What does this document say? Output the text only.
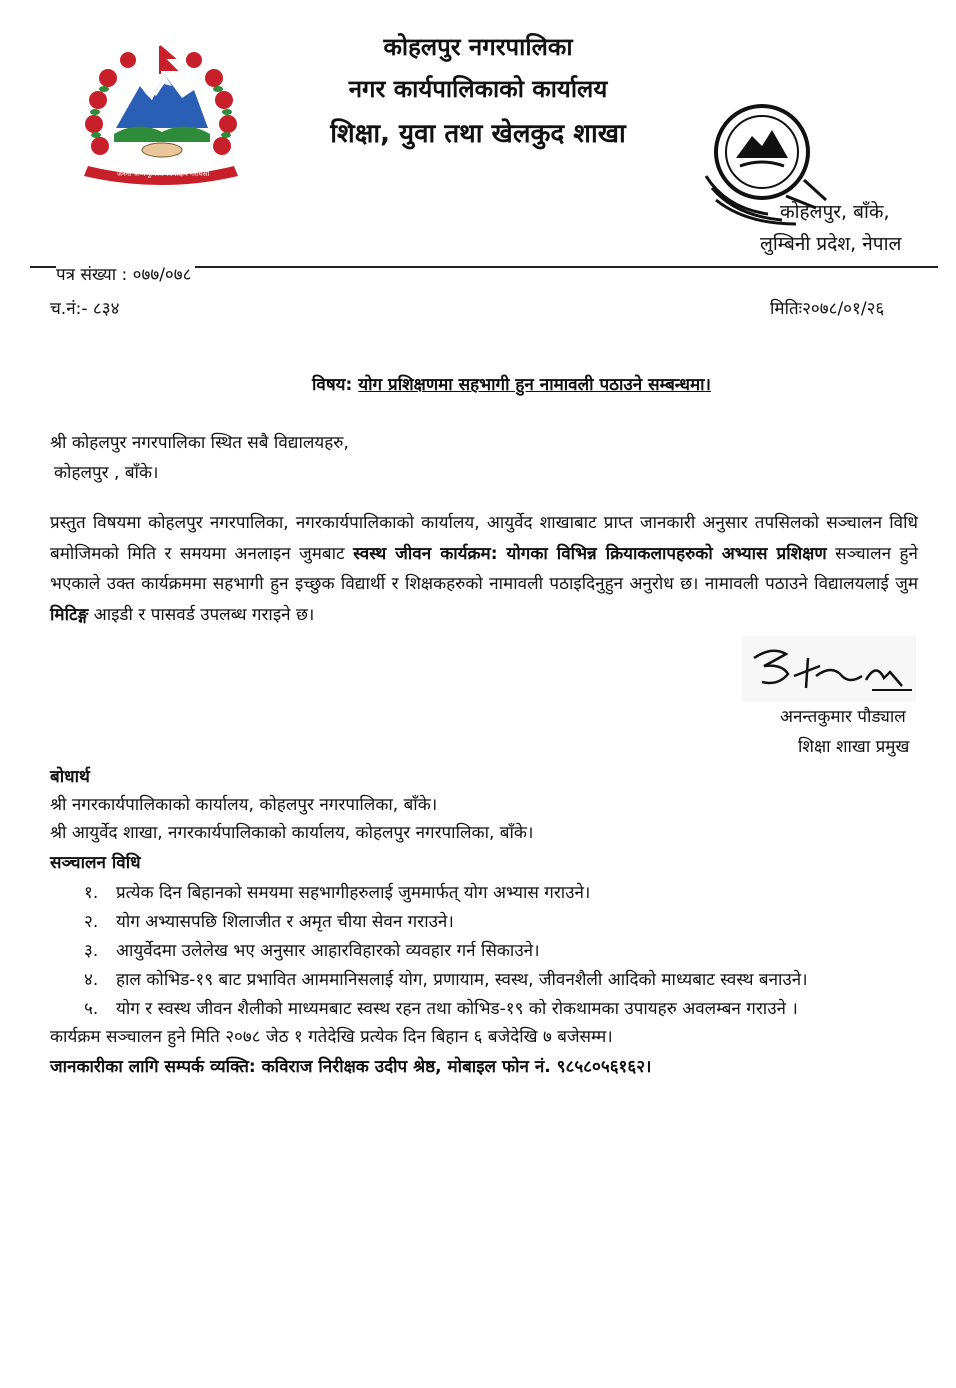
कोहलपुर नगरपालिका
नगर कार्यपालिकाको कार्यालय
शिक्षा, युवा तथा खेलकुद शाखा
जननी जन्मभूमिश्च स्वर्गादपि गरीयसी
कोहलपुर, बाँके,
लुम्बिनी प्रदेश, नेपाल
पत्र संख्या : ०७७/०७८
च.नं:- ८३४	मितिः२०७८/०१/२६
विषय: योग प्रशिक्षणमा सहभागी हुन नामावली पठाउने सम्बन्धमा।
श्री कोहलपुर नगरपालिका स्थित सबै विद्यालयहरु,
कोहलपुर , बाँके।
प्रस्तुत विषयमा कोहलपुर नगरपालिका, नगरकार्यपालिकाको कार्यालय, आयुर्वेद शाखाबाट प्राप्त जानकारी अनुसार तपसिलको सञ्चालन विधि बमोजिमको मिति र समयमा अनलाइन जुमबाट स्वस्थ जीवन कार्यक्रम: योगका विभिन्न क्रियाकलापहरुको अभ्यास प्रशिक्षण सञ्चालन हुने भएकाले उक्त कार्यक्रममा सहभागी हुन इच्छुक विद्यार्थी र शिक्षकहरुको नामावली पठाइदिनुहुन अनुरोध छ। नामावली पठाउने विद्यालयलाई जुम मिटिङ्ग आइडी र पासवर्ड उपलब्ध गराइने छ।
अनन्तकुमार पौड्याल
शिक्षा शाखा प्रमुख
बोधार्थ
श्री नगरकार्यपालिकाको कार्यालय, कोहलपुर नगरपालिका, बाँके।
श्री आयुर्वेद शाखा, नगरकार्यपालिकाको कार्यालय, कोहलपुर नगरपालिका, बाँके।
सञ्चालन विधि
१.	प्रत्येक दिन बिहानको समयमा सहभागीहरुलाई जुममार्फत् योग अभ्यास गराउने।
२.	योग अभ्यासपछि शिलाजीत र अमृत चीया सेवन गराउने।
३.	आयुर्वेदमा उलेलेख भए अनुसार आहारविहारको व्यवहार गर्न सिकाउने।
४.	हाल कोभिड-१९ बाट प्रभावित आममानिसलाई योग, प्रणायाम, स्वस्थ, जीवनशैली आदिको माध्यबाट स्वस्थ बनाउने।
५.	योग र स्वस्थ जीवन शैलीको माध्यमबाट स्वस्थ रहन तथा कोभिड-१९ को रोकथामका उपायहरु अवलम्बन गराउने ।
कार्यक्रम सञ्चालन हुने मिति २०७८ जेठ १ गतेदेखि प्रत्येक दिन बिहान ६ बजेदेखि ७ बजेसम्म।
जानकारीका लागि सम्पर्क व्यक्ति: कविराज निरीक्षक उदीप श्रेष्ठ, मोबाइल फोन नं. ९८५८०५६१६२।
